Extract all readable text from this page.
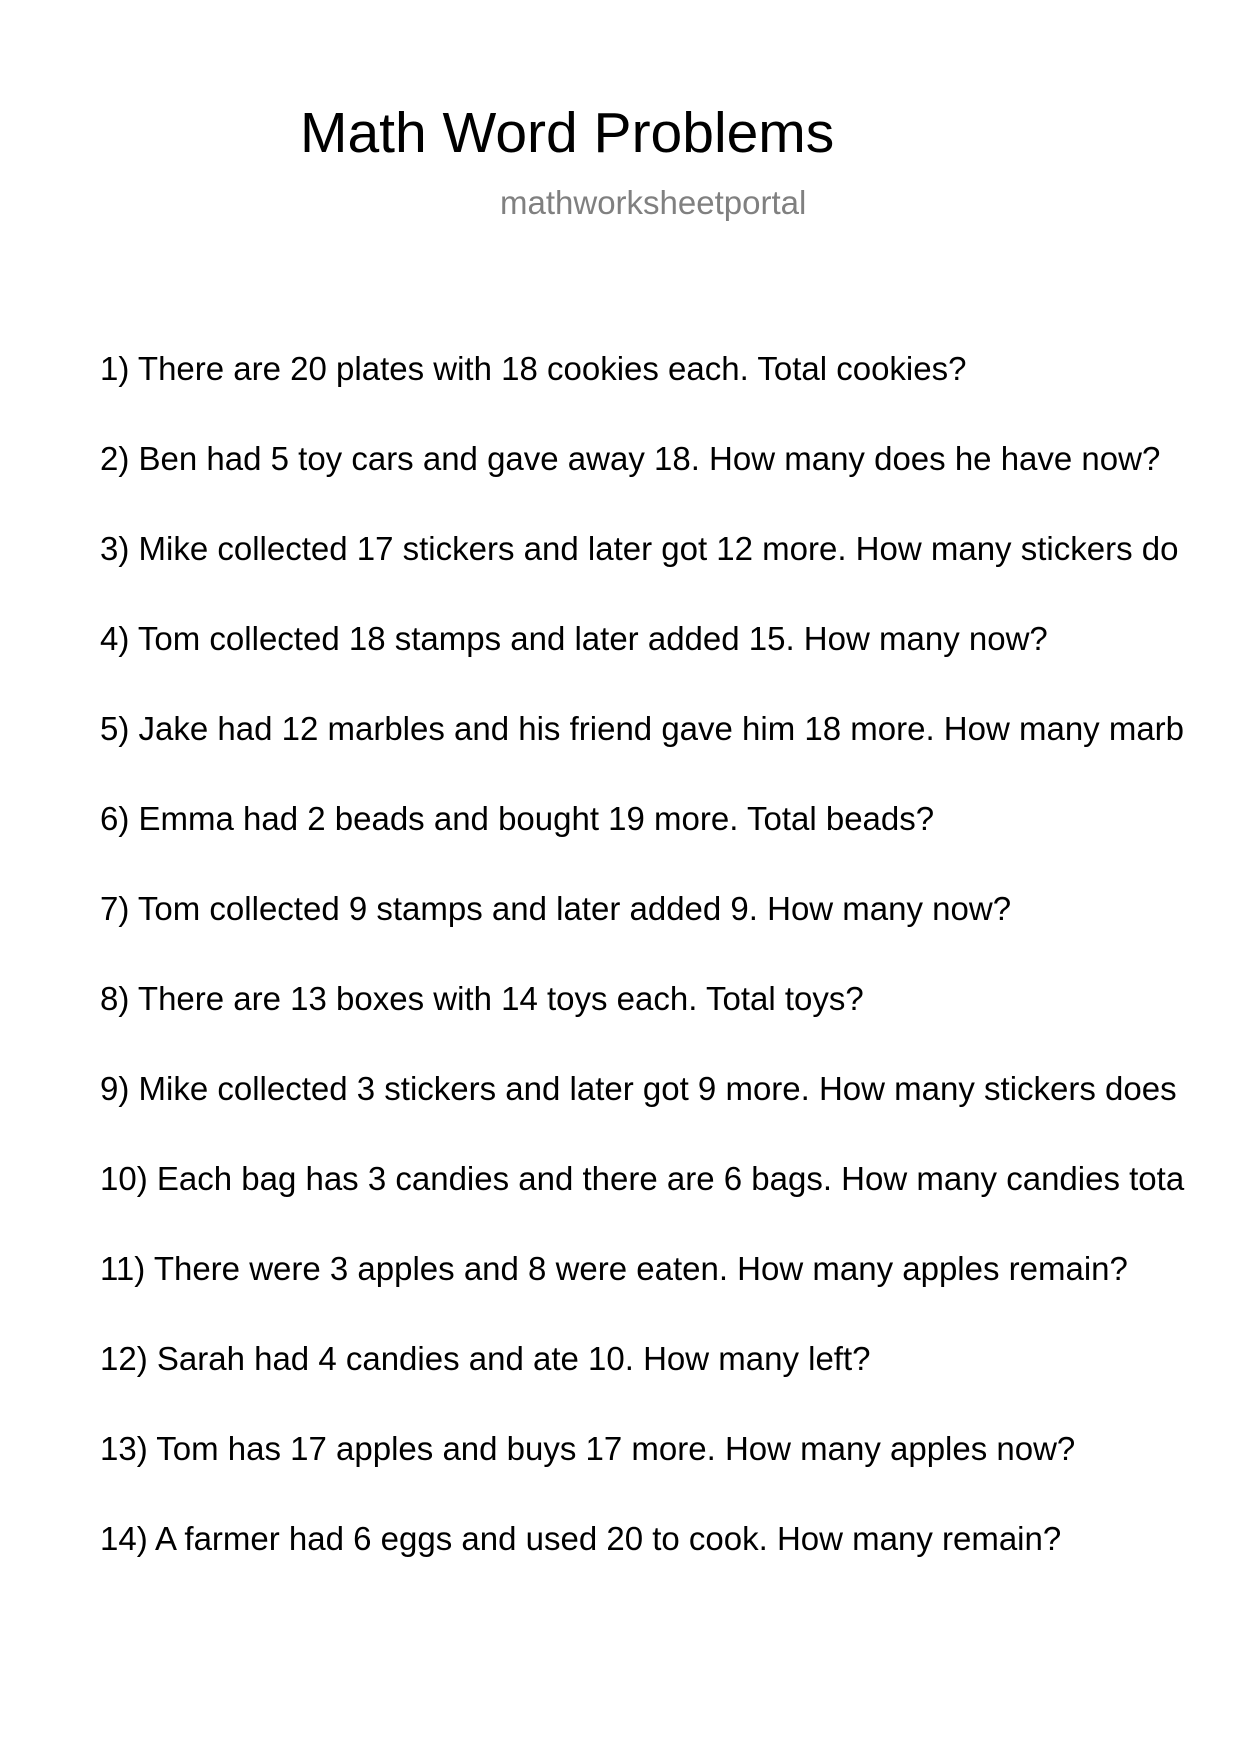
Math Word Problems
mathworksheetportal
1) There are 20 plates with 18 cookies each. Total cookies?
2) Ben had 5 toy cars and gave away 18. How many does he have now?
3) Mike collected 17 stickers and later got 12 more. How many stickers do
4) Tom collected 18 stamps and later added 15. How many now?
5) Jake had 12 marbles and his friend gave him 18 more. How many marb
6) Emma had 2 beads and bought 19 more. Total beads?
7) Tom collected 9 stamps and later added 9. How many now?
8) There are 13 boxes with 14 toys each. Total toys?
9) Mike collected 3 stickers and later got 9 more. How many stickers does
10) Each bag has 3 candies and there are 6 bags. How many candies tota
11) There were 3 apples and 8 were eaten. How many apples remain?
12) Sarah had 4 candies and ate 10. How many left?
13) Tom has 17 apples and buys 17 more. How many apples now?
14) A farmer had 6 eggs and used 20 to cook. How many remain?
